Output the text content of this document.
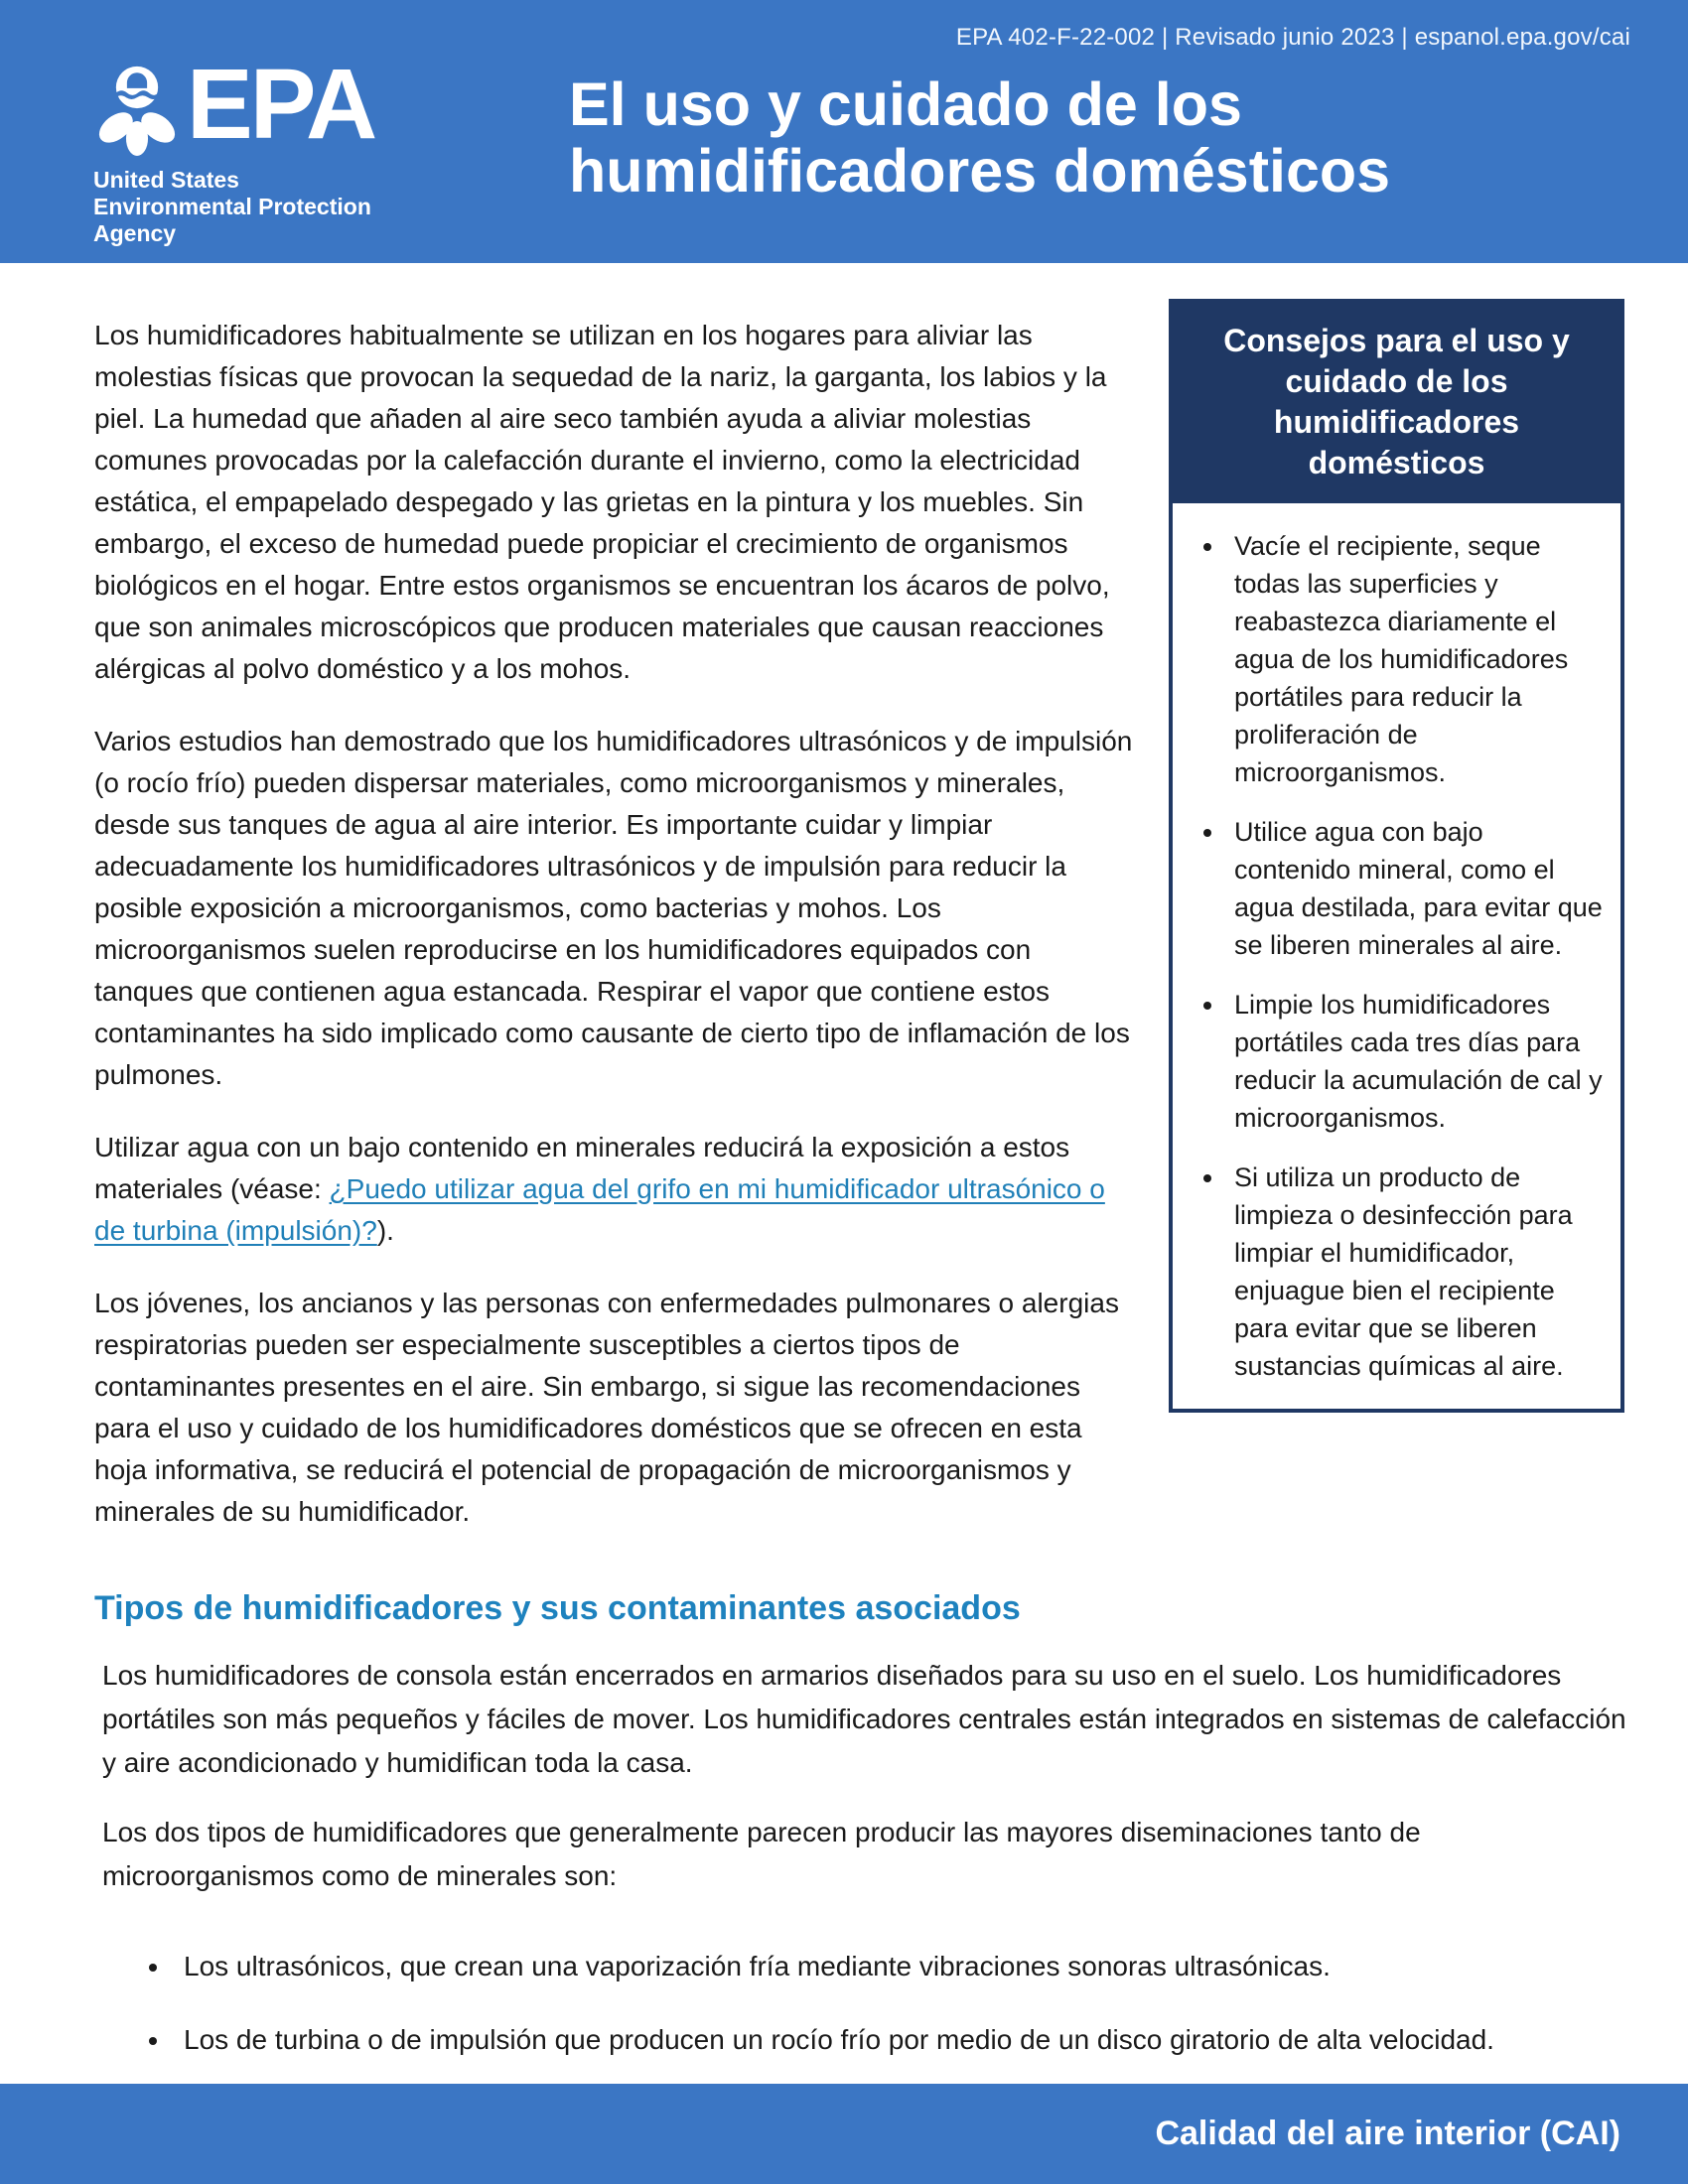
EPA 402-F-22-002 | Revisado junio 2023 | espanol.epa.gov/cai
EPA
United States
Environmental Protection
Agency
El uso y cuidado de los humidificadores domésticos

Los humidificadores habitualmente se utilizan en los hogares para aliviar las molestias físicas que provocan la sequedad de la nariz, la garganta, los labios y la piel. La humedad que añaden al aire seco también ayuda a aliviar molestias comunes provocadas por la calefacción durante el invierno, como la electricidad estática, el empapelado despegado y las grietas en la pintura y los muebles. Sin embargo, el exceso de humedad puede propiciar el crecimiento de organismos biológicos en el hogar. Entre estos organismos se encuentran los ácaros de polvo, que son animales microscópicos que producen materiales que causan reacciones alérgicas al polvo doméstico y a los mohos.

Varios estudios han demostrado que los humidificadores ultrasónicos y de impulsión (o rocío frío) pueden dispersar materiales, como microorganismos y minerales, desde sus tanques de agua al aire interior. Es importante cuidar y limpiar adecuadamente los humidificadores ultrasónicos y de impulsión para reducir la posible exposición a microorganismos, como bacterias y mohos. Los microorganismos suelen reproducirse en los humidificadores equipados con tanques que contienen agua estancada. Respirar el vapor que contiene estos contaminantes ha sido implicado como causante de cierto tipo de inflamación de los pulmones.

Utilizar agua con un bajo contenido en minerales reducirá la exposición a estos materiales (véase: ¿Puedo utilizar agua del grifo en mi humidificador ultrasónico o de turbina (impulsión)?).

Los jóvenes, los ancianos y las personas con enfermedades pulmonares o alergias respiratorias pueden ser especialmente susceptibles a ciertos tipos de contaminantes presentes en el aire. Sin embargo, si sigue las recomendaciones para el uso y cuidado de los humidificadores domésticos que se ofrecen en esta hoja informativa, se reducirá el potencial de propagación de microorganismos y minerales de su humidificador.

Consejos para el uso y cuidado de los humidificadores domésticos
• Vacíe el recipiente, seque todas las superficies y reabastezca diariamente el agua de los humidificadores portátiles para reducir la proliferación de microorganismos.
• Utilice agua con bajo contenido mineral, como el agua destilada, para evitar que se liberen minerales al aire.
• Limpie los humidificadores portátiles cada tres días para reducir la acumulación de cal y microorganismos.
• Si utiliza un producto de limpieza o desinfección para limpiar el humidificador, enjuague bien el recipiente para evitar que se liberen sustancias químicas al aire.
Tipos de humidificadores y sus contaminantes asociados

Los humidificadores de consola están encerrados en armarios diseñados para su uso en el suelo. Los humidificadores portátiles son más pequeños y fáciles de mover. Los humidificadores centrales están integrados en sistemas de calefacción y aire acondicionado y humidifican toda la casa.

Los dos tipos de humidificadores que generalmente parecen producir las mayores diseminaciones tanto de microorganismos como de minerales son:

• Los ultrasónicos, que crean una vaporización fría mediante vibraciones sonoras ultrasónicas.
• Los de turbina o de impulsión que producen un rocío frío por medio de un disco giratorio de alta velocidad.
Calidad del aire interior (CAI)
